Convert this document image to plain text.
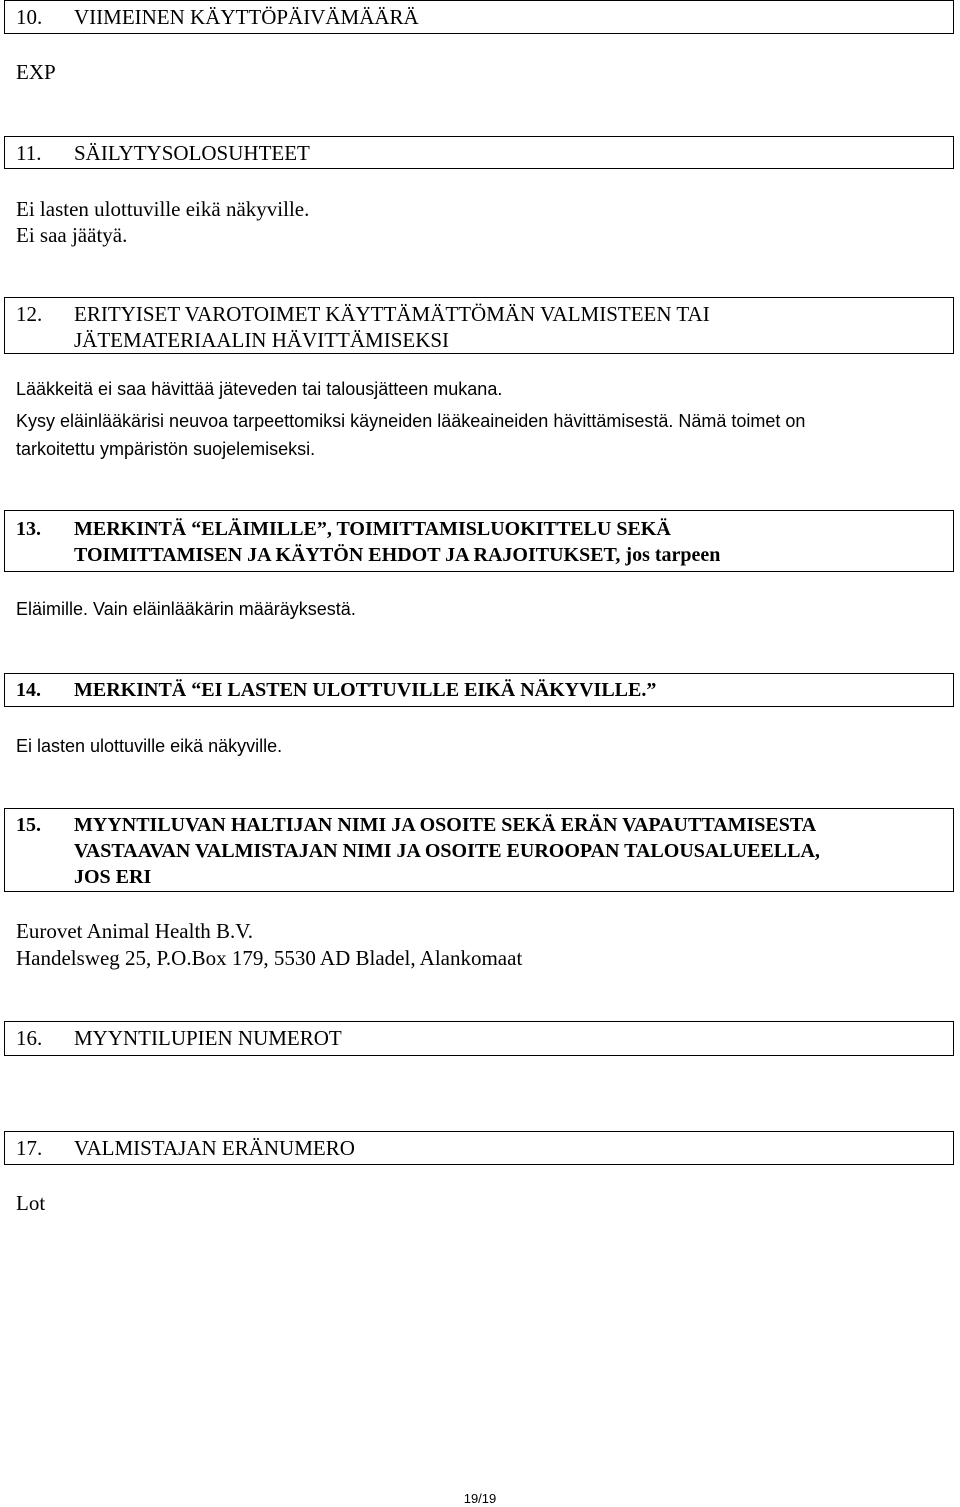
10. VIIMEINEN KÄYTTÖPÄIVÄMÄÄRÄ
EXP
11. SÄILYTYSOLOSUHTEET
Ei lasten ulottuville eikä näkyville.
Ei saa jäätyä.
12. ERITYISET VAROTOIMET KÄYTTÄMÄTTÖMÄN VALMISTEEN TAI
JÄTEMATERIAALIN HÄVITTÄMISEKSI
Lääkkeitä ei saa hävittää jäteveden tai talousjätteen mukana.
Kysy eläinlääkärisi neuvoa tarpeettomiksi käyneiden lääkeaineiden hävittämisestä. Nämä toimet on
tarkoitettu ympäristön suojelemiseksi.
13. MERKINTÄ “ELÄIMILLE”, TOIMITTAMISLUOKITTELU SEKÄ
TOIMITTAMISEN JA KÄYTÖN EHDOT JA RAJOITUKSET, jos tarpeen
Eläimille. Vain eläinlääkärin määräyksestä.
14. MERKINTÄ “EI LASTEN ULOTTUVILLE EIKÄ NÄKYVILLE.”
Ei lasten ulottuville eikä näkyville.
15. MYYNTILUVAN HALTIJAN NIMI JA OSOITE SEKÄ ERÄN VAPAUTTAMISESTA
VASTAAVAN VALMISTAJAN NIMI JA OSOITE EUROOPAN TALOUSALUEELLA,
JOS ERI
Eurovet Animal Health B.V.
Handelsweg 25, P.O.Box 179, 5530 AD Bladel, Alankomaat
16. MYYNTILUPIEN NUMEROT
17. VALMISTAJAN ERÄNUMERO
Lot
19/19
